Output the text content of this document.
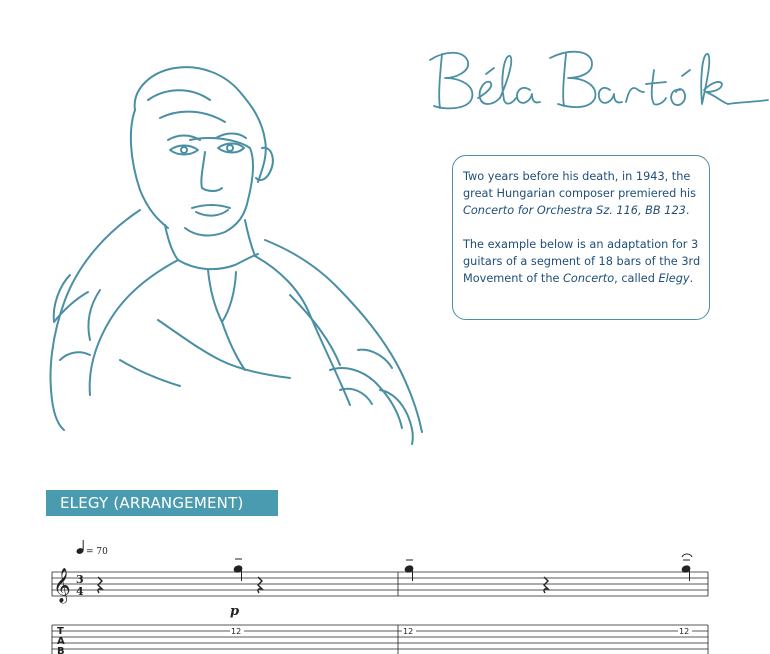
Two years before his death, in 1943, the great Hungarian composer premiered his Concerto for Orchestra Sz. 116, BB 123.

The example below is an adaptation for 3 guitars of a segment of 18 bars of the 3rd Movement of the Concerto, called Elegy.

ELEGY (ARRANGEMENT)
= 70
𝄞 3
4
p
T
A
B
12	12	12
